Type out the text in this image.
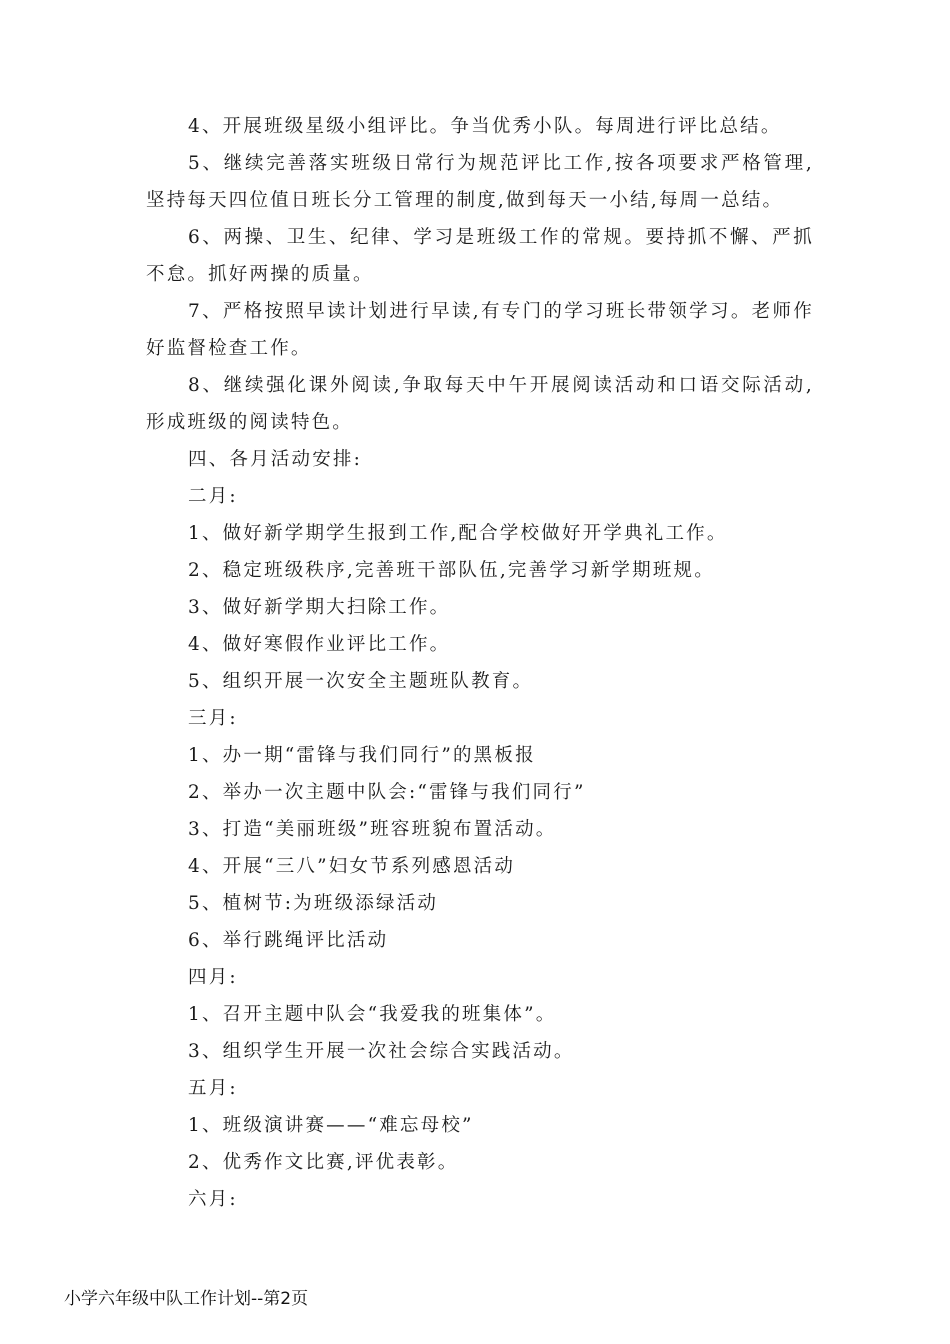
4、开展班级星级小组评比。争当优秀小队。每周进行评比总结。

5、继续完善落实班级日常行为规范评比工作,按各项要求严格管理,坚持每天四位值日班长分工管理的制度,做到每天一小结,每周一总结。

6、两操、卫生、纪律、学习是班级工作的常规。要持抓不懈、严抓不怠。抓好两操的质量。

7、严格按照早读计划进行早读,有专门的学习班长带领学习。老师作好监督检查工作。

8、继续强化课外阅读,争取每天中午开展阅读活动和口语交际活动,形成班级的阅读特色。

四、各月活动安排:

二月:

1、做好新学期学生报到工作,配合学校做好开学典礼工作。

2、稳定班级秩序,完善班干部队伍,完善学习新学期班规。

3、做好新学期大扫除工作。

4、做好寒假作业评比工作。

5、组织开展一次安全主题班队教育。

三月:

1、办一期“雷锋与我们同行”的黑板报

2、举办一次主题中队会:“雷锋与我们同行”

3、打造“美丽班级”班容班貌布置活动。

4、开展“三八”妇女节系列感恩活动

5、植树节:为班级添绿活动

6、举行跳绳评比活动

四月:

1、召开主题中队会“我爱我的班集体”。

3、组织学生开展一次社会综合实践活动。

五月:

1、班级演讲赛——“难忘母校”

2、优秀作文比赛,评优表彰。

六月:

小学六年级中队工作计划--第2页
